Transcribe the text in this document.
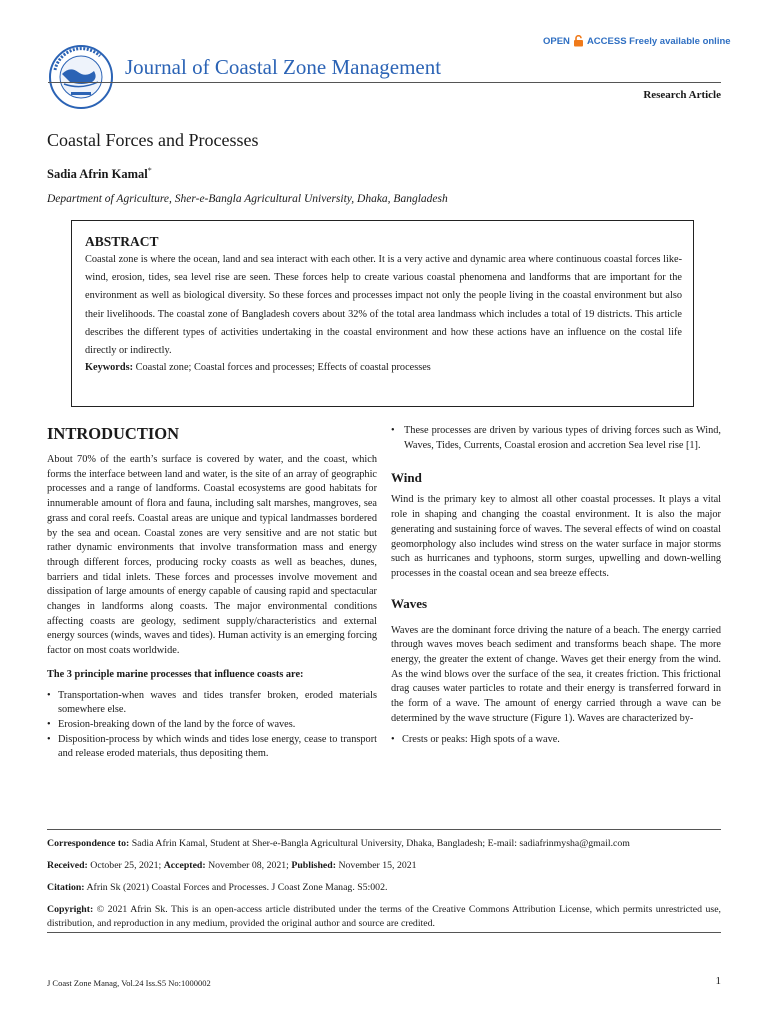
Journal of Coastal Zone Management
OPEN ACCESS Freely available online
Research Article
Coastal Forces and Processes
Sadia Afrin Kamal*
Department of Agriculture, Sher-e-Bangla Agricultural University, Dhaka, Bangladesh

ABSTRACT

Coastal zone is where the ocean, land and sea interact with each other. It is a very active and dynamic area where continuous coastal forces like-wind, erosion, tides, sea level rise are seen. These forces help to create various coastal phenomena and landforms that are important for the environment as well as biological diversity. So these forces and processes impact not only the people living in the coastal environment but also their livelihoods. The coastal zone of Bangladesh covers about 32% of the total area landmass which includes a total of 19 districts. This article describes the different types of activities undertaking in the coastal environment and how these actions have an influence on the costal life directly or indirectly.

Keywords: Coastal zone; Coastal forces and processes; Effects of coastal processes

INTRODUCTION

About 70% of the earth’s surface is covered by water, and the coast, which forms the interface between land and water, is the site of an array of geographic processes and a range of landforms. Coastal ecosystems are good habitats for innumerable amount of flora and fauna, including salt marshes, mangroves, sea grass and coral reefs. Coastal areas are unique and typical landmasses bordered by the sea and ocean. Coastal zones are very sensitive and are not static but rather dynamic environments that involve transformation mass and energy through different forces, producing rocky coasts as well as beaches, dunes, barriers and tidal inlets. These forces and processes involve movement and dissipation of large amounts of energy capable of causing rapid and spectacular changes in landforms along coasts. The major environmental conditions affecting coasts are geology, sediment supply/characteristics and external energy sources (winds, waves and tides). Human activity is an emerging forcing factor on most coats worldwide.

The 3 principle marine processes that influence coasts are:

• Transportation-when waves and tides transfer broken, eroded materials somewhere else.
• Erosion-breaking down of the land by the force of waves.
• Disposition-process by which winds and tides lose energy, cease to transport and release eroded materials, thus depositing them.
• These processes are driven by various types of driving forces such as Wind, Waves, Tides, Currents, Coastal erosion and accretion Sea level rise [1].
Wind

Wind is the primary key to almost all other coastal processes. It plays a vital role in shaping and changing the coastal environment. It is also the major generating and sustaining force of waves. The several effects of wind on coastal geomorphology also includes wind stress on the water surface in major storms such as hurricanes and typhoons, storm surges, upwelling and down-welling processes in the coastal ocean and sea breeze effects.

Waves

Waves are the dominant force driving the nature of a beach. The energy carried through waves moves beach sediment and transforms beach shape. The more energy, the greater the extent of change. Waves get their energy from the wind. As the wind blows over the surface of the sea, it creates friction. This frictional drag causes water particles to rotate and their energy is transferred forward in the form of a wave. The amount of energy carried through a wave can be determined by the wave structure (Figure 1). Waves are characterized by-

• Crests or peaks: High spots of a wave.

Correspondence to: Sadia Afrin Kamal, Student at Sher-e-Bangla Agricultural University, Dhaka, Bangladesh; E-mail: sadiafrinmysha@gmail.com

Received: October 25, 2021; Accepted: November 08, 2021; Published: November 15, 2021

Citation: Afrin Sk (2021) Coastal Forces and Processes. J Coast Zone Manag. S5:002.

Copyright: © 2021 Afrin Sk. This is an open-access article distributed under the terms of the Creative Commons Attribution License, which permits unrestricted use, distribution, and reproduction in any medium, provided the original author and source are credited.

J Coast Zone Manag, Vol.24 Iss.S5 No:1000002	1
